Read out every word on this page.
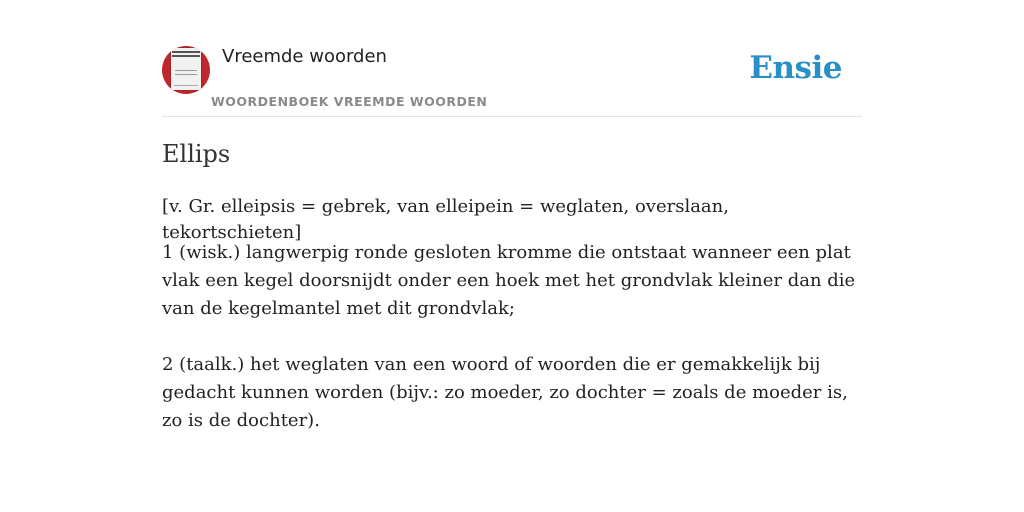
Vreemde woorden
WOORDENBOEK VREEMDE WOORDEN
Ensie
Ellips
[v. Gr. elleipsis = gebrek, van elleipein = weglaten, overslaan, tekortschieten]

1 (wisk.) langwerpig ronde gesloten kromme die ontstaat wanneer een plat vlak een kegel doorsnijdt onder een hoek met het grondvlak kleiner dan die van de kegelmantel met dit grondvlak;

2 (taalk.) het weglaten van een woord of woorden die er gemakkelijk bij gedacht kunnen worden (bijv.: zo moeder, zo dochter = zoals de moeder is, zo is de dochter).
